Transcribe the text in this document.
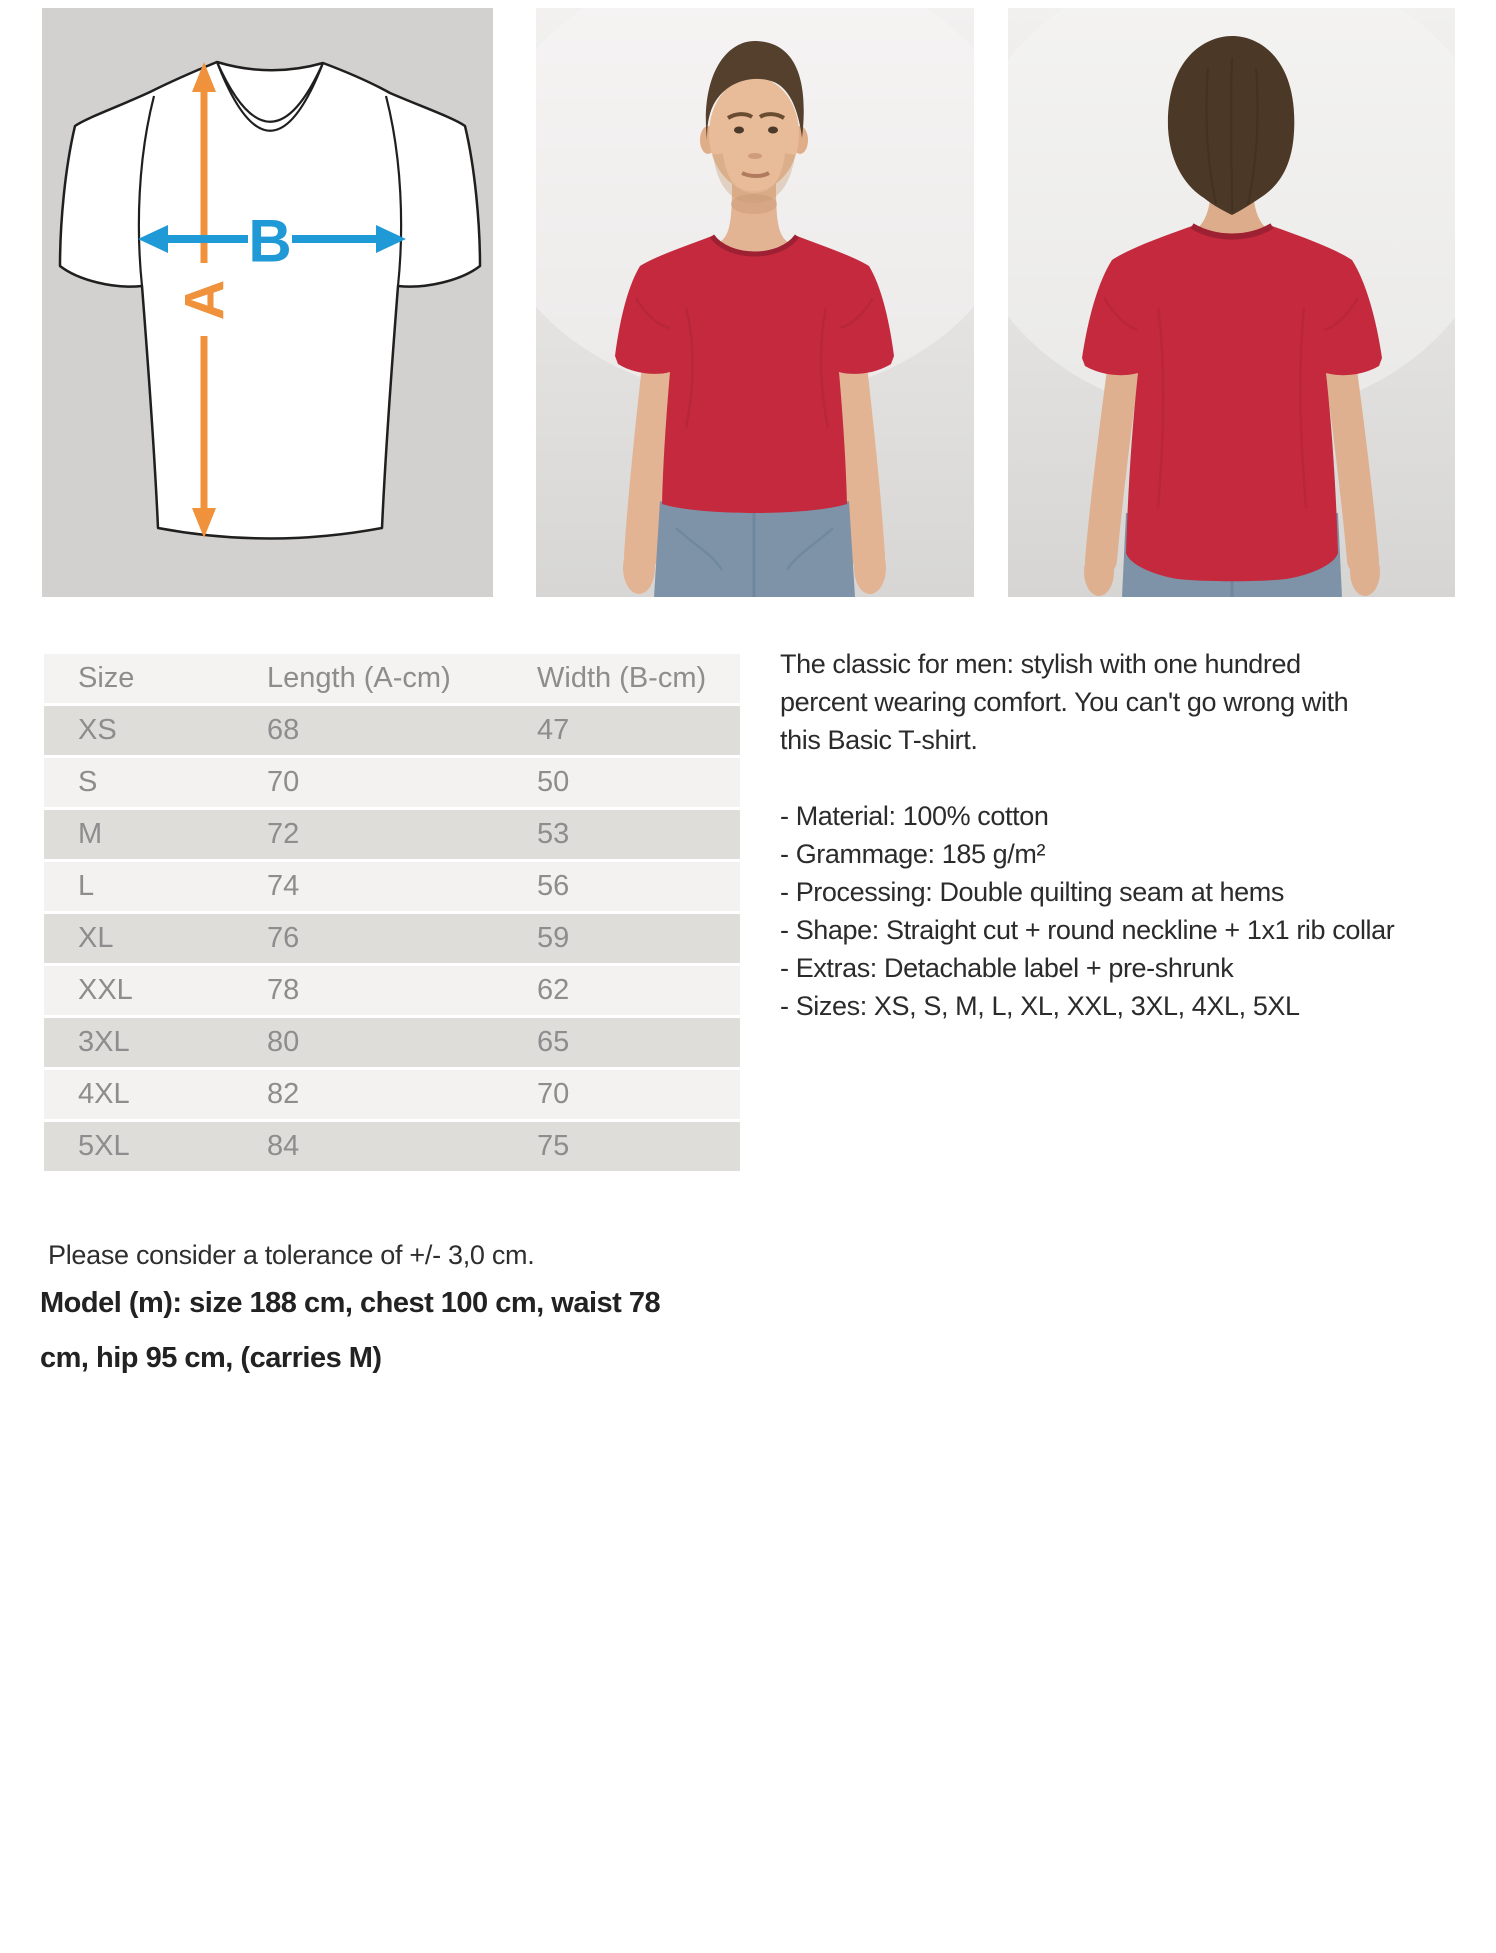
A
B
Size	Length (A-cm)	Width (B-cm)
XS	68	47
S	70	50
M	72	53
L	74	56
XL	76	59
XXL	78	62
3XL	80	65
4XL	82	70
5XL	84	75

The classic for men: stylish with one hundred percent wearing comfort. You can't go wrong with this Basic T-shirt.

- Material: 100% cotton
- Grammage: 185 g/m²
- Processing: Double quilting seam at hems
- Shape: Straight cut + round neckline + 1x1 rib collar
- Extras: Detachable label + pre-shrunk
- Sizes: XS, S, M, L, XL, XXL, 3XL, 4XL, 5XL
Please consider a tolerance of +/- 3,0 cm.
Model (m): size 188 cm, chest 100 cm, waist 78 cm, hip 95 cm, (carries M)
